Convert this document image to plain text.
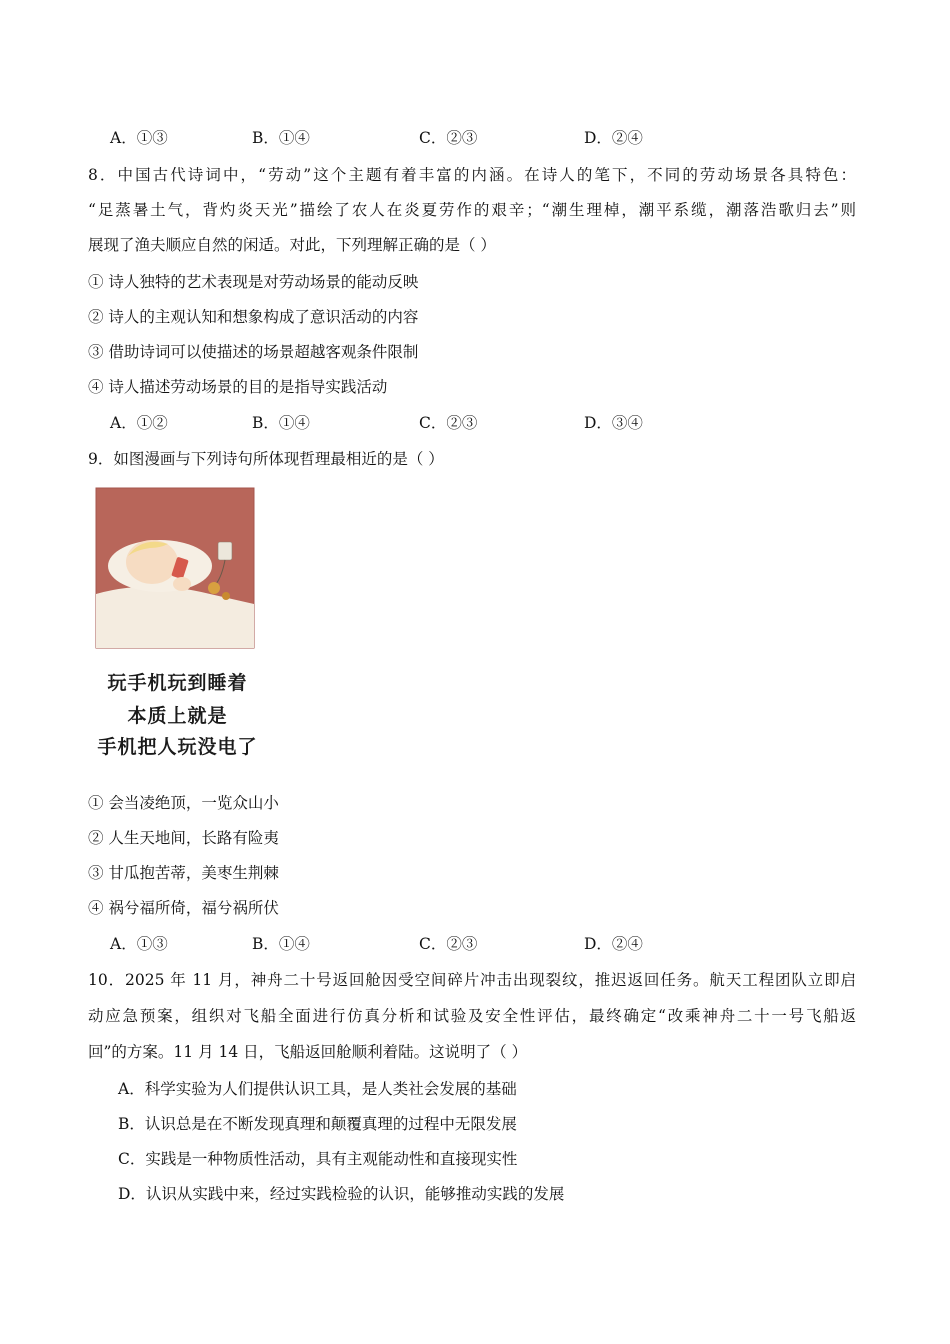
A．①③	B．①④	C．②③	D．②④
8．中国古代诗词中，“劳动”这个主题有着丰富的内涵。在诗人的笔下，不同的劳动场景各具特色：
“足蒸暑土气，背灼炎天光”描绘了农人在炎夏劳作的艰辛；“潮生理棹，潮平系缆，潮落浩歌归去”则
展现了渔夫顺应自然的闲适。对此，下列理解正确的是（ ）
① 诗人独特的艺术表现是对劳动场景的能动反映
② 诗人的主观认知和想象构成了意识活动的内容
③ 借助诗词可以使描述的场景超越客观条件限制
④ 诗人描述劳动场景的目的是指导实践活动
A．①②	B．①④	C．②③	D．③④
9．如图漫画与下列诗句所体现哲理最相近的是（ ）
玩手机玩到睡着
本质上就是
手机把人玩没电了
① 会当凌绝顶，一览众山小
② 人生天地间，长路有险夷
③ 甘瓜抱苦蒂，美枣生荆棘
④ 祸兮福所倚，福兮祸所伏
A．①③	B．①④	C．②③	D．②④
10．2025 年 11 月，神舟二十号返回舱因受空间碎片冲击出现裂纹，推迟返回任务。航天工程团队立即启
动应急预案，组织对飞船全面进行仿真分析和试验及安全性评估，最终确定“改乘神舟二十一号飞船返
回”的方案。11 月 14 日，飞船返回舱顺利着陆。这说明了（ ）
A．科学实验为人们提供认识工具，是人类社会发展的基础
B．认识总是在不断发现真理和颠覆真理的过程中无限发展
C．实践是一种物质性活动，具有主观能动性和直接现实性
D．认识从实践中来，经过实践检验的认识，能够推动实践的发展
